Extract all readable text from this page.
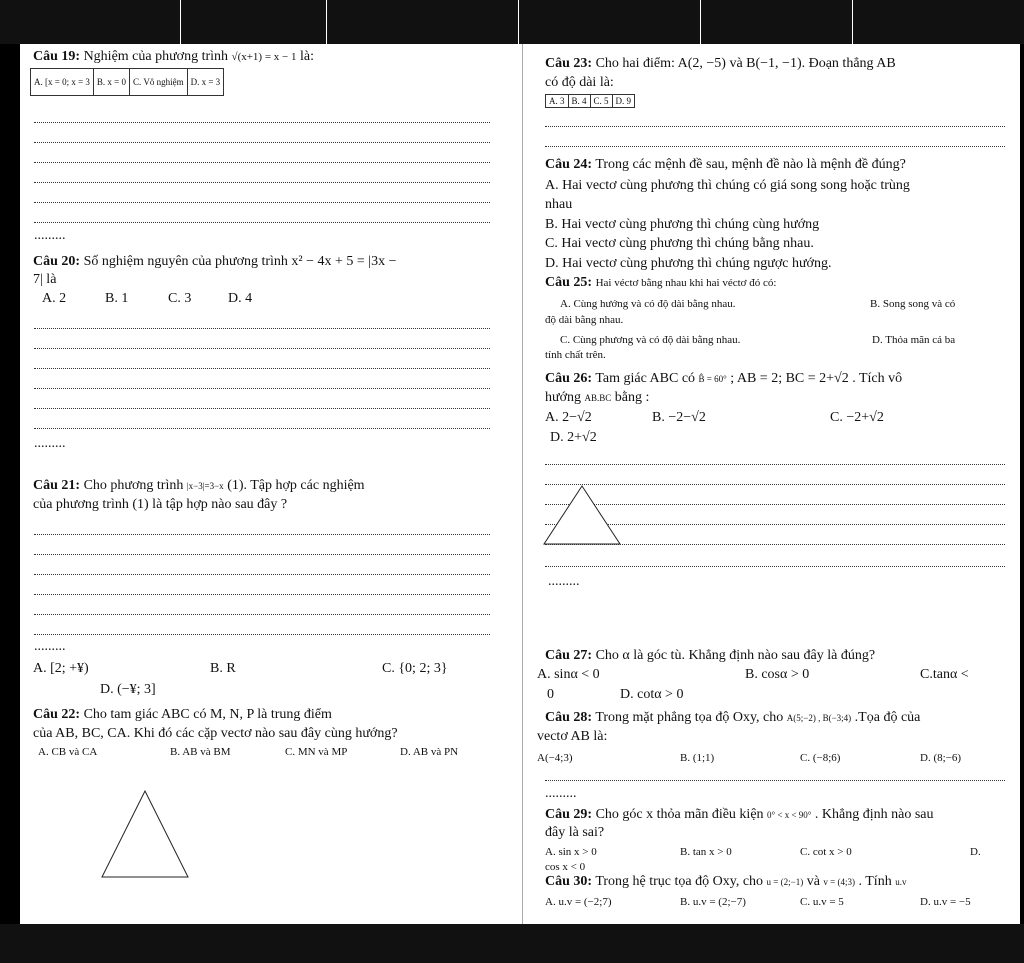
Câu 19: Nghiệm của phương trình √(x+1) = x − 1 là:
A. [x = 0; x = 3	B. x = 0	C. Vô nghiệm	D. x = 3
.........
Câu 20: Số nghiệm nguyên của phương trình x² − 4x + 5 = |3x −
7| là
A. 2	B. 1	C. 3	D. 4
.........
Câu 21: Cho phương trình |x−3|=3−x (1). Tập hợp các nghiệm
của phương trình (1) là tập hợp nào sau đây ?
.........
A. [2; +¥)	B. R	C. {0; 2; 3}
D. (−¥; 3]
Câu 22: Cho tam giác ABC có M, N, P là trung điểm
của AB, BC, CA. Khi đó các cặp vectơ nào sau đây cùng hướng?
A. CB và CA	B. AB và BM	C. MN và MP	D. AB và PN
Câu 23: Cho hai điểm: A(2, −5) và B(−1, −1). Đoạn thẳng AB
có độ dài là:
A. 3	B. 4	C. 5	D. 9
Câu 24: Trong các mệnh đề sau, mệnh đề nào là mệnh đề đúng?
A. Hai vectơ cùng phương thì chúng có giá song song hoặc trùng
nhau
B. Hai vectơ cùng phương thì chúng cùng hướng
C. Hai vectơ cùng phương thì chúng bằng nhau.
D. Hai vectơ cùng phương thì chúng ngược hướng.
Câu 25: Hai véctơ bằng nhau khi hai véctơ đó có:
A. Cùng hướng và có độ dài bằng nhau.	B. Song song và có
độ dài bằng nhau.
C. Cùng phương và có độ dài bằng nhau.	D. Thỏa mãn cả ba
tính chất trên.
Câu 26: Tam giác ABC có B̂ = 60° ; AB = 2; BC = 2+√2 . Tích vô
hướng AB.BC bằng :
A. 2−√2	B. −2−√2	C. −2+√2
D. 2+√2
.........
Câu 27: Cho α là góc tù. Khẳng định nào sau đây là đúng?
A. sinα < 0	B. cosα > 0	C.tanα <
0	D. cotα > 0
Câu 28: Trong mặt phẳng tọa độ Oxy, cho A(5;−2) , B(−3;4) .Tọa độ của
vectơ AB là:
A(−4;3)	B. (1;1)	C. (−8;6)	D. (8;−6)
.........
Câu 29: Cho góc x thỏa mãn điều kiện 0° < x < 90° . Khẳng định nào sau
đây là sai?
A. sin x > 0	B. tan x > 0	C. cot x > 0	D.
cos x < 0
Câu 30: Trong hệ trục tọa độ Oxy, cho u = (2;−1) và v = (4;3) . Tính u.v
A. u.v = (−2;7)	B. u.v = (2;−7)	C. u.v = 5	D. u.v = −5
